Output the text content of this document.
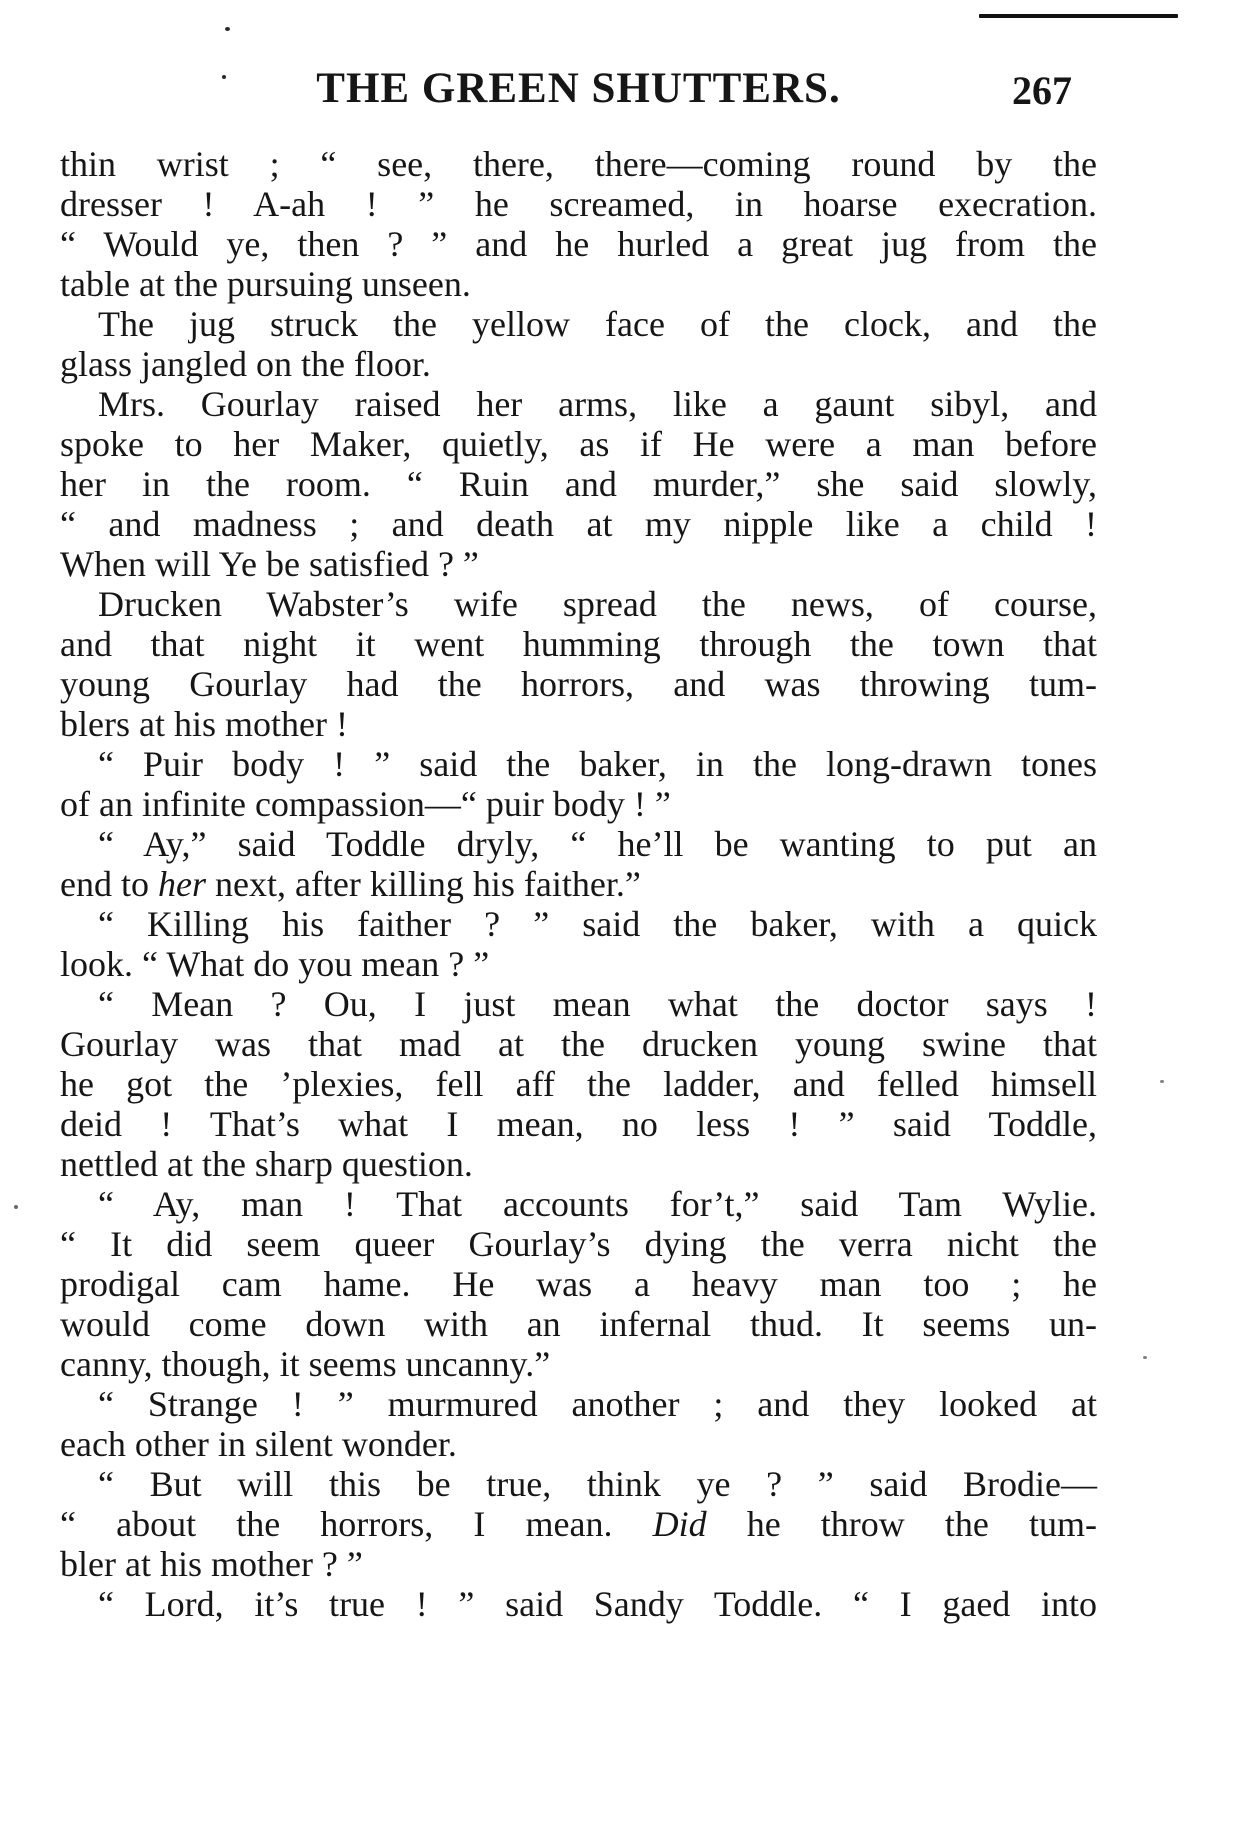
THE GREEN SHUTTERS.	267
thin wrist ; “ see, there, there—coming round by the
dresser ! A-ah ! ” he screamed, in hoarse execration.
“ Would ye, then ? ” and he hurled a great jug from the
table at the pursuing unseen.
The jug struck the yellow face of the clock, and the
glass jangled on the floor.
Mrs. Gourlay raised her arms, like a gaunt sibyl, and
spoke to her Maker, quietly, as if He were a man before
her in the room. “ Ruin and murder,” she said slowly,
“ and madness ; and death at my nipple like a child !
When will Ye be satisfied ? ”
Drucken Wabster’s wife spread the news, of course,
and that night it went humming through the town that
young Gourlay had the horrors, and was throwing tum-
blers at his mother !
“ Puir body ! ” said the baker, in the long-drawn tones
of an infinite compassion—“ puir body ! ”
“ Ay,” said Toddle dryly, “ he’ll be wanting to put an
end to her next, after killing his faither.”
“ Killing his faither ? ” said the baker, with a quick
look. “ What do you mean ? ”
“ Mean ? Ou, I just mean what the doctor says !
Gourlay was that mad at the drucken young swine that
he got the ’plexies, fell aff the ladder, and felled himsell
deid ! That’s what I mean, no less ! ” said Toddle,
nettled at the sharp question.
“ Ay, man ! That accounts for’t,” said Tam Wylie.
“ It did seem queer Gourlay’s dying the verra nicht the
prodigal cam hame. He was a heavy man too ; he
would come down with an infernal thud. It seems un-
canny, though, it seems uncanny.”
“ Strange ! ” murmured another ; and they looked at
each other in silent wonder.
“ But will this be true, think ye ? ” said Brodie—
“ about the horrors, I mean. Did he throw the tum-
bler at his mother ? ”
“ Lord, it’s true ! ” said Sandy Toddle. “ I gaed into
